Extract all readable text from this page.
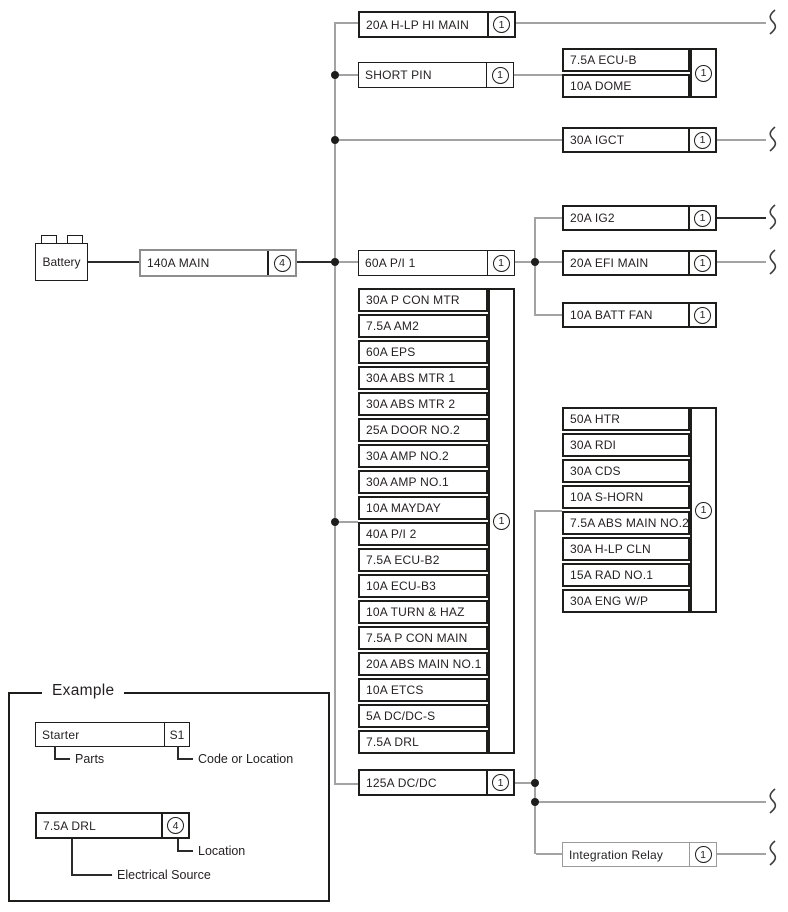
Battery	140A MAIN	4
20A H-LP HI MAIN	1
SHORT PIN	1
7.5A ECU-B
10A DOME
1
30A IGCT	1
20A IG2	1
60A P/I 1	1	20A EFI MAIN	1
10A BATT FAN	1
30A P CON MTR
7.5A AM2
60A EPS
30A ABS MTR 1
30A ABS MTR 2
25A DOOR NO.2
30A AMP NO.2
30A AMP NO.1
10A MAYDAY
40A P/I 2
7.5A ECU-B2
10A ECU-B3
10A TURN & HAZ
7.5A P CON MAIN
20A ABS MAIN NO.1
10A ETCS
5A DC/DC-S
7.5A DRL
1
50A HTR
30A RDI
30A CDS
10A S-HORN
7.5A ABS MAIN NO.2
30A H-LP CLN
15A RAD NO.1
30A ENG W/P
1
125A DC/DC	1
Integration Relay	1
Example
Starter	S1
Parts	Code or Location
7.5A DRL	4
Location
Electrical Source
